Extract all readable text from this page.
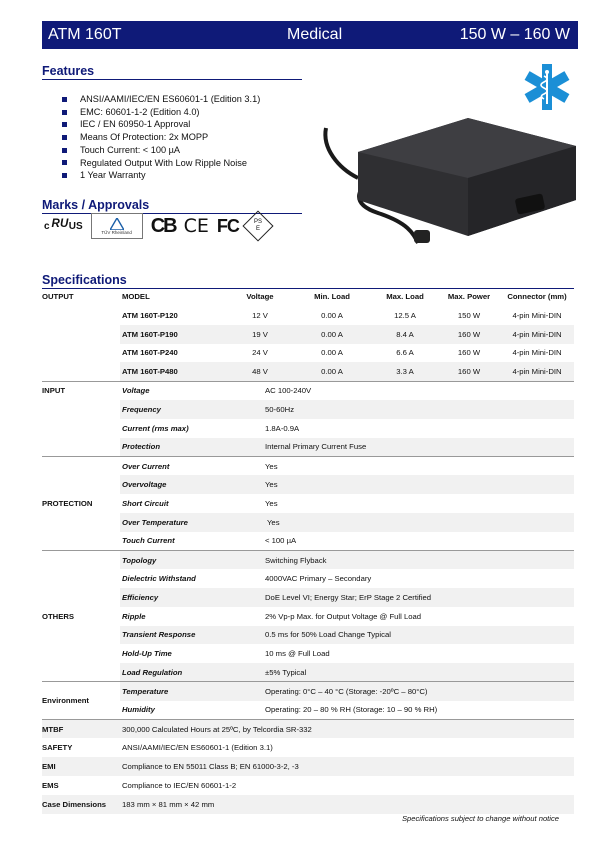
ATM 160T	Medical	150 W – 160 W
Features
ANSI/AAMI/IEC/EN ES60601-1 (Edition 3.1)
EMC: 60601-1-2 (Edition 4.0)
IEC / EN 60950-1 Approval
Means Of Protection: 2x MOPP
Touch Current: < 100 µA
Regulated Output With Low Ripple Noise
1 Year Warranty
Marks / Approvals
c ᴿᵁ US
TÜV Rheinland CB CE FC	PS E
Specifications
OUTPUT	MODEL	Voltage	Min. Load	Max. Load	Max. Power	Connector (mm)
	ATM 160T-P120	12 V	0.00 A	12.5 A	150 W	4-pin Mini-DIN
	ATM 160T-P190	19 V	0.00 A	8.4 A	160 W	4-pin Mini-DIN
	ATM 160T-P240	24 V	0.00 A	6.6 A	160 W	4-pin Mini-DIN
	ATM 160T-P480	48 V	0.00 A	3.3 A	160 W	4-pin Mini-DIN
INPUT	Voltage	AC 100-240V				
	Frequency	50-60Hz				
	Current (rms max)	1.8A-0.9A				
	Protection	Internal Primary Current Fuse				
PROTECTION	Over Current	Yes				
	Overvoltage	Yes				
	Short Circuit	Yes				
	Over Temperature	Yes				
	Touch Current	< 100 µA				
OTHERS	Topology	Switching Flyback				
	Dielectric Withstand	4000VAC Primary – Secondary				
	Efficiency	DoE Level VI; Energy Star; ErP Stage 2 Certified				
	Ripple	2% Vp-p Max. for Output Voltage @ Full Load				
	Transient Response	0.5 ms for 50% Load Change Typical				
	Hold-Up Time	10 ms @ Full Load				
	Load Regulation	±5% Typical				
Environment	Temperature	Operating: 0°C – 40 °C (Storage: -20ºC – 80°C)				
	Humidity	Operating: 20 – 80 % RH (Storage: 10 – 90 % RH)				
MTBF	300,000 Calculated Hours at 25ºC, by Telcordia SR-332					
SAFETY	ANSI/AAMI/IEC/EN ES60601-1 (Edition 3.1)					
EMI	Compliance to EN 55011 Class B; EN 61000-3-2, -3					
EMS	Compliance to IEC/EN 60601-1-2					
Case Dimensions	183 mm × 81 mm × 42 mm					
Specifications subject to change without notice
